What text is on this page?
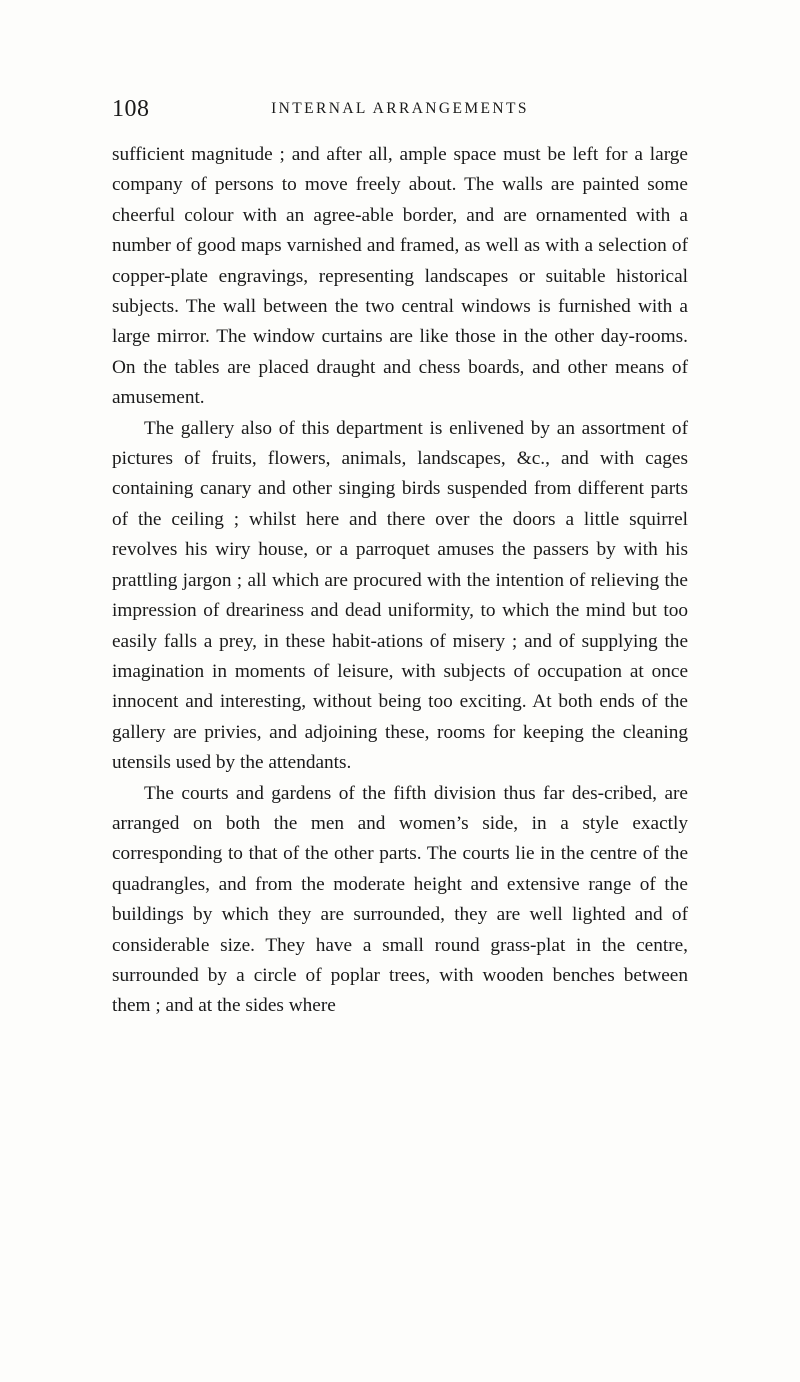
108	INTERNAL ARRANGEMENTS

sufficient magnitude ; and after all, ample space must be left for a large company of persons to move freely about. The walls are painted some cheerful colour with an agree-able border, and are ornamented with a number of good maps varnished and framed, as well as with a selection of copper-plate engravings, representing landscapes or suitable historical subjects. The wall between the two central windows is furnished with a large mirror. The window curtains are like those in the other day-rooms. On the tables are placed draught and chess boards, and other means of amusement.

The gallery also of this department is enlivened by an assortment of pictures of fruits, flowers, animals, landscapes, &c., and with cages containing canary and other singing birds suspended from different parts of the ceiling ; whilst here and there over the doors a little squirrel revolves his wiry house, or a parroquet amuses the passers by with his prattling jargon ; all which are procured with the intention of relieving the impression of dreariness and dead uniformity, to which the mind but too easily falls a prey, in these habit-ations of misery ; and of supplying the imagination in moments of leisure, with subjects of occupation at once innocent and interesting, without being too exciting. At both ends of the gallery are privies, and adjoining these, rooms for keeping the cleaning utensils used by the attendants.

The courts and gardens of the fifth division thus far des-cribed, are arranged on both the men and women’s side, in a style exactly corresponding to that of the other parts. The courts lie in the centre of the quadrangles, and from the moderate height and extensive range of the buildings by which they are surrounded, they are well lighted and of considerable size. They have a small round grass-plat in the centre, surrounded by a circle of poplar trees, with wooden benches between them ; and at the sides where
